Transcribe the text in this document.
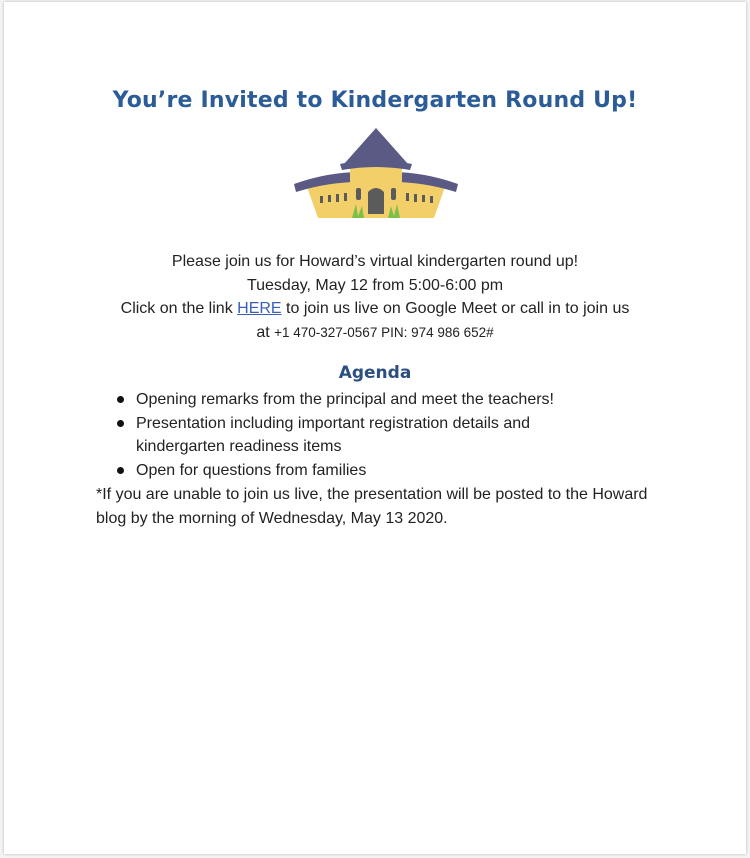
You’re Invited to Kindergarten Round Up!
Please join us for Howard’s virtual kindergarten round up!
Tuesday, May 12 from 5:00-6:00 pm
Click on the link HERE to join us live on Google Meet or call in to join us
at +1 470-327-0567 PIN: 974 986 652#
Agenda
Opening remarks from the principal and meet the teachers!
Presentation including important registration details and kindergarten readiness items
Open for questions from families
*If you are unable to join us live, the presentation will be posted to the Howard blog by the morning of Wednesday, May 13 2020.
